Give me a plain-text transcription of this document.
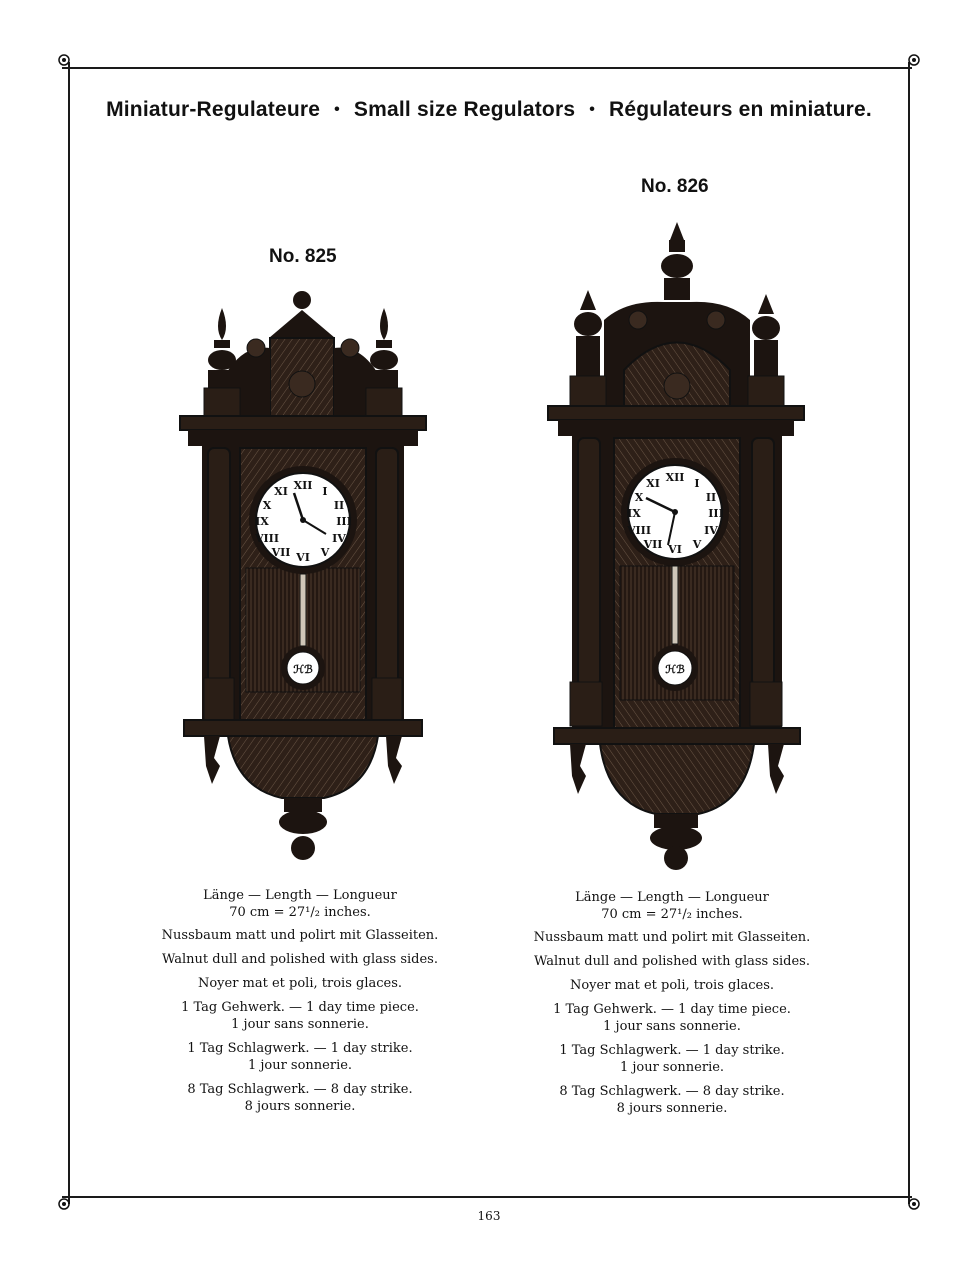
Miniatur-Regulateure • Small size Regulators • Régulateurs en miniature.
No. 825
No. 826
XII I
II
III
IV
V
VI
VII
VIII
IX
X
XI
ℋℬ
XII I
II
III
IV
V
VI
VII
VIII
IX
X
XI
ℋℬ

Länge — Length — Longueur
70 cm = 27¹/₂ inches.

Nussbaum matt und polirt mit Glasseiten.

Walnut dull and polished with glass sides.

Noyer mat et poli, trois glaces.

1 Tag Gehwerk. — 1 day time piece.
1 jour sans sonnerie.

1 Tag Schlagwerk. — 1 day strike.
1 jour sonnerie.

8 Tag Schlagwerk. — 8 day strike.
8 jours sonnerie.

Länge — Length — Longueur
70 cm = 27¹/₂ inches.

Nussbaum matt und polirt mit Glasseiten.

Walnut dull and polished with glass sides.

Noyer mat et poli, trois glaces.

1 Tag Gehwerk. — 1 day time piece.
1 jour sans sonnerie.

1 Tag Schlagwerk. — 1 day strike.
1 jour sonnerie.

8 Tag Schlagwerk. — 8 day strike.
8 jours sonnerie.

163
